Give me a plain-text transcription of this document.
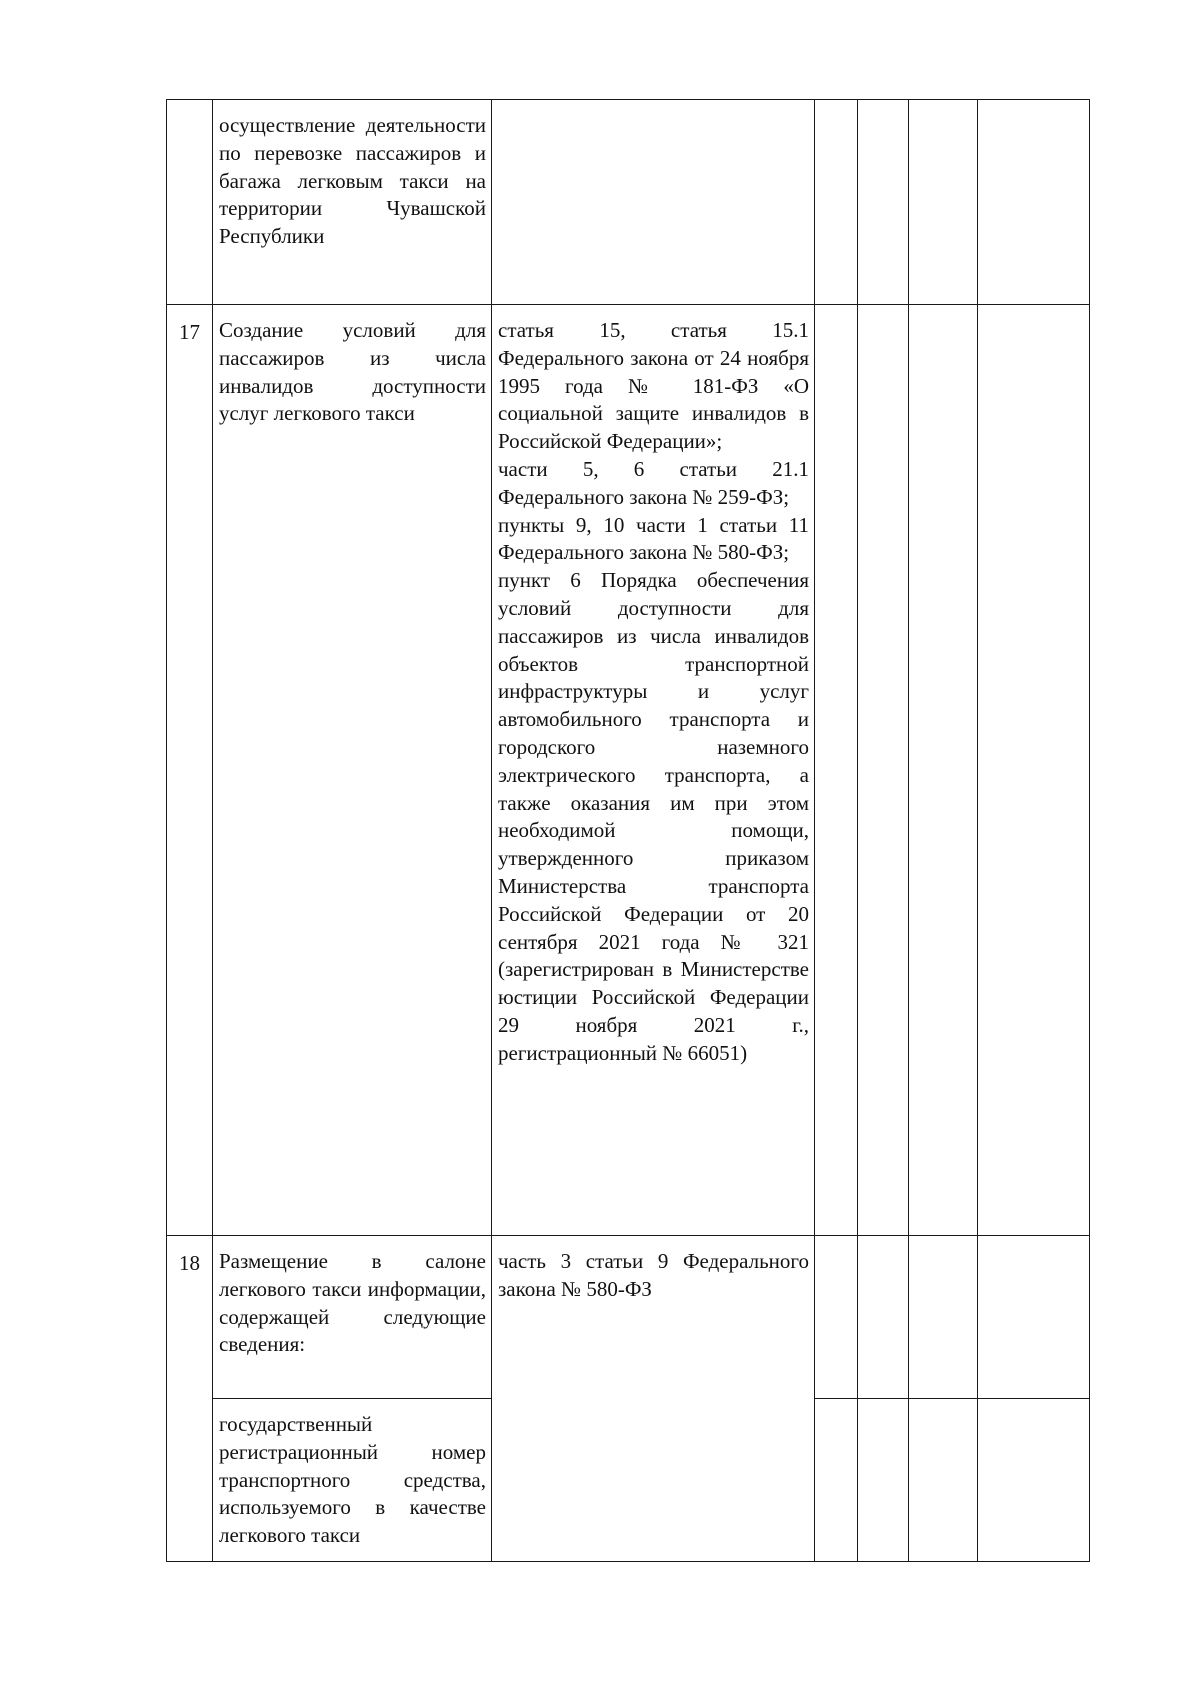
	осуществление деятельности по перевозке пассажиров и багажа легковым такси на территории Чувашской Республики					

17	Создание условий для пассажиров из числа инвалидов доступности услуг легкового такси	статья 15, статья 15.1 Федерального закона от 24 ноября 1995 года № 181-ФЗ «О социальной защите инвалидов в Российской Федерации»;
части 5, 6 статьи 21.1 Федерального закона № 259-ФЗ;
пункты 9, 10 части 1 статьи 11 Федерального закона № 580-ФЗ;
пункт 6 Порядка обеспечения условий доступности для пассажиров из числа инвалидов объектов транспортной инфраструктуры и услуг автомобильного транспорта и городского наземного электрического транспорта, а также оказания им при этом необходимой помощи, утвержденного приказом Министерства транспорта Российской Федерации от 20 сентября 2021 года № 321 (зарегистрирован в Министерстве юстиции Российской Федерации 29 ноября 2021 г., регистрационный № 66051)				

18	Размещение в салоне легкового такси информации, содержащей следующие сведения:	часть 3 статьи 9 Федерального закона № 580-ФЗ				

	государственный регистрационный номер транспортного средства, используемого в качестве легкового такси					
